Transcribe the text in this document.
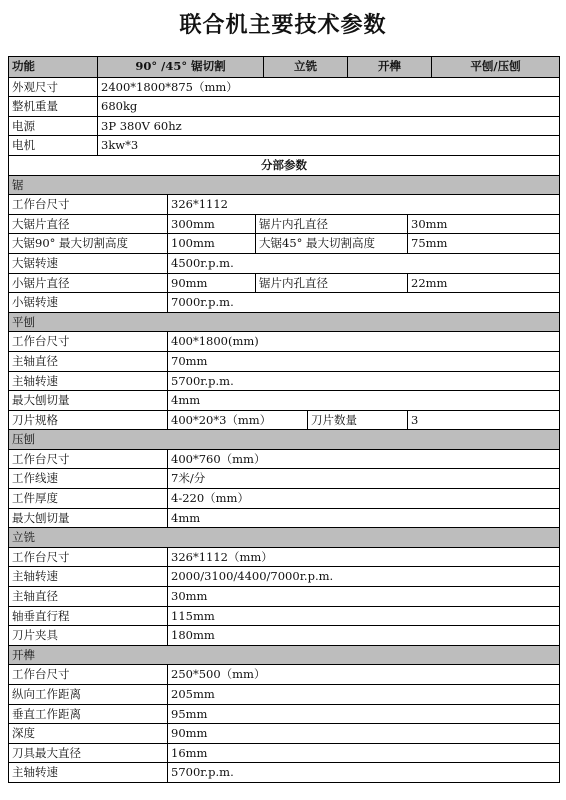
联合机主要技术参数
功能	90° /45° 锯切割	立铣	开榫	平刨/压刨
外观尺寸	2400*1800*875（mm）
整机重量	680kg
电源	3P 380V 60hz
电机	3kw*3
分部参数
锯
工作台尺寸	326*1112
大锯片直径	300mm	锯片内孔直径	30mm
大锯90° 最大切割高度	100mm	大锯45° 最大切割高度	75mm
大锯转速	4500r.p.m.
小锯片直径	90mm	锯片内孔直径	22mm
小锯转速	7000r.p.m.
平刨
工作台尺寸	400*1800(mm)
主轴直径	70mm
主轴转速	5700r.p.m.
最大刨切量	4mm
刀片规格	400*20*3（mm）	刀片数量	3
压刨
工作台尺寸	400*760（mm）
工作线速	7米/分
工件厚度	4-220（mm）
最大刨切量	4mm
立铣
工作台尺寸	326*1112（mm）
主轴转速	2000/3100/4400/7000r.p.m.
主轴直径	30mm
轴垂直行程	115mm
刀片夹具	180mm
开榫
工作台尺寸	250*500（mm）
纵向工作距离	205mm
垂直工作距离	95mm
深度	90mm
刀具最大直径	16mm
主轴转速	5700r.p.m.
